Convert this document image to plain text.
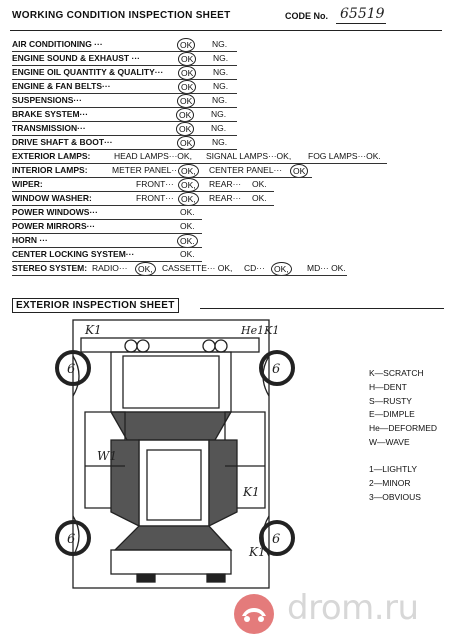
WORKING CONDITION INSPECTION SHEET	CODE No. 65519
AIR CONDITIONING ···	OK	NG.
ENGINE SOUND & EXHAUST ···	OK	NG.
ENGINE OIL QUANTITY & QUALITY···	OK	NG.
ENGINE & FAN BELTS···	OK	NG.
SUSPENSIONS···	OK	NG.
BRAKE SYSTEM···	OK	NG.
TRANSMISSION···	OK	NG.
DRIVE SHAFT & BOOT···	OK	NG.
EXTERIOR LAMPS:	HEAD LAMPS···OK, SIGNAL LAMPS···OK, FOG LAMPS···OK.
INTERIOR LAMPS:	METER PANEL··· OK,	CENTER PANEL···	OK
WIPER:	FRONT··· OK,	REAR··· OK.
WINDOW WASHER:	FRONT··· OK,	REAR··· OK.
POWER WINDOWS···	OK.
POWER MIRRORS···	OK.
HORN ···	OK.
CENTER LOCKING SYSTEM···	OK.
STEREO SYSTEM: RADIO···	OK,	CASSETTE··· OK, CD···	OK,	MD··· OK.
EXTERIOR INSPECTION SHEET
6	6
6	6
K1	He1K1
W1
K1
K1
K—SCRATCH
H—DENT
S—RUSTY
E—DIMPLE
He—DEFORMED
W—WAVE
1—LIGHTLY
2—MINOR
3—OBVIOUS
drom.ru
